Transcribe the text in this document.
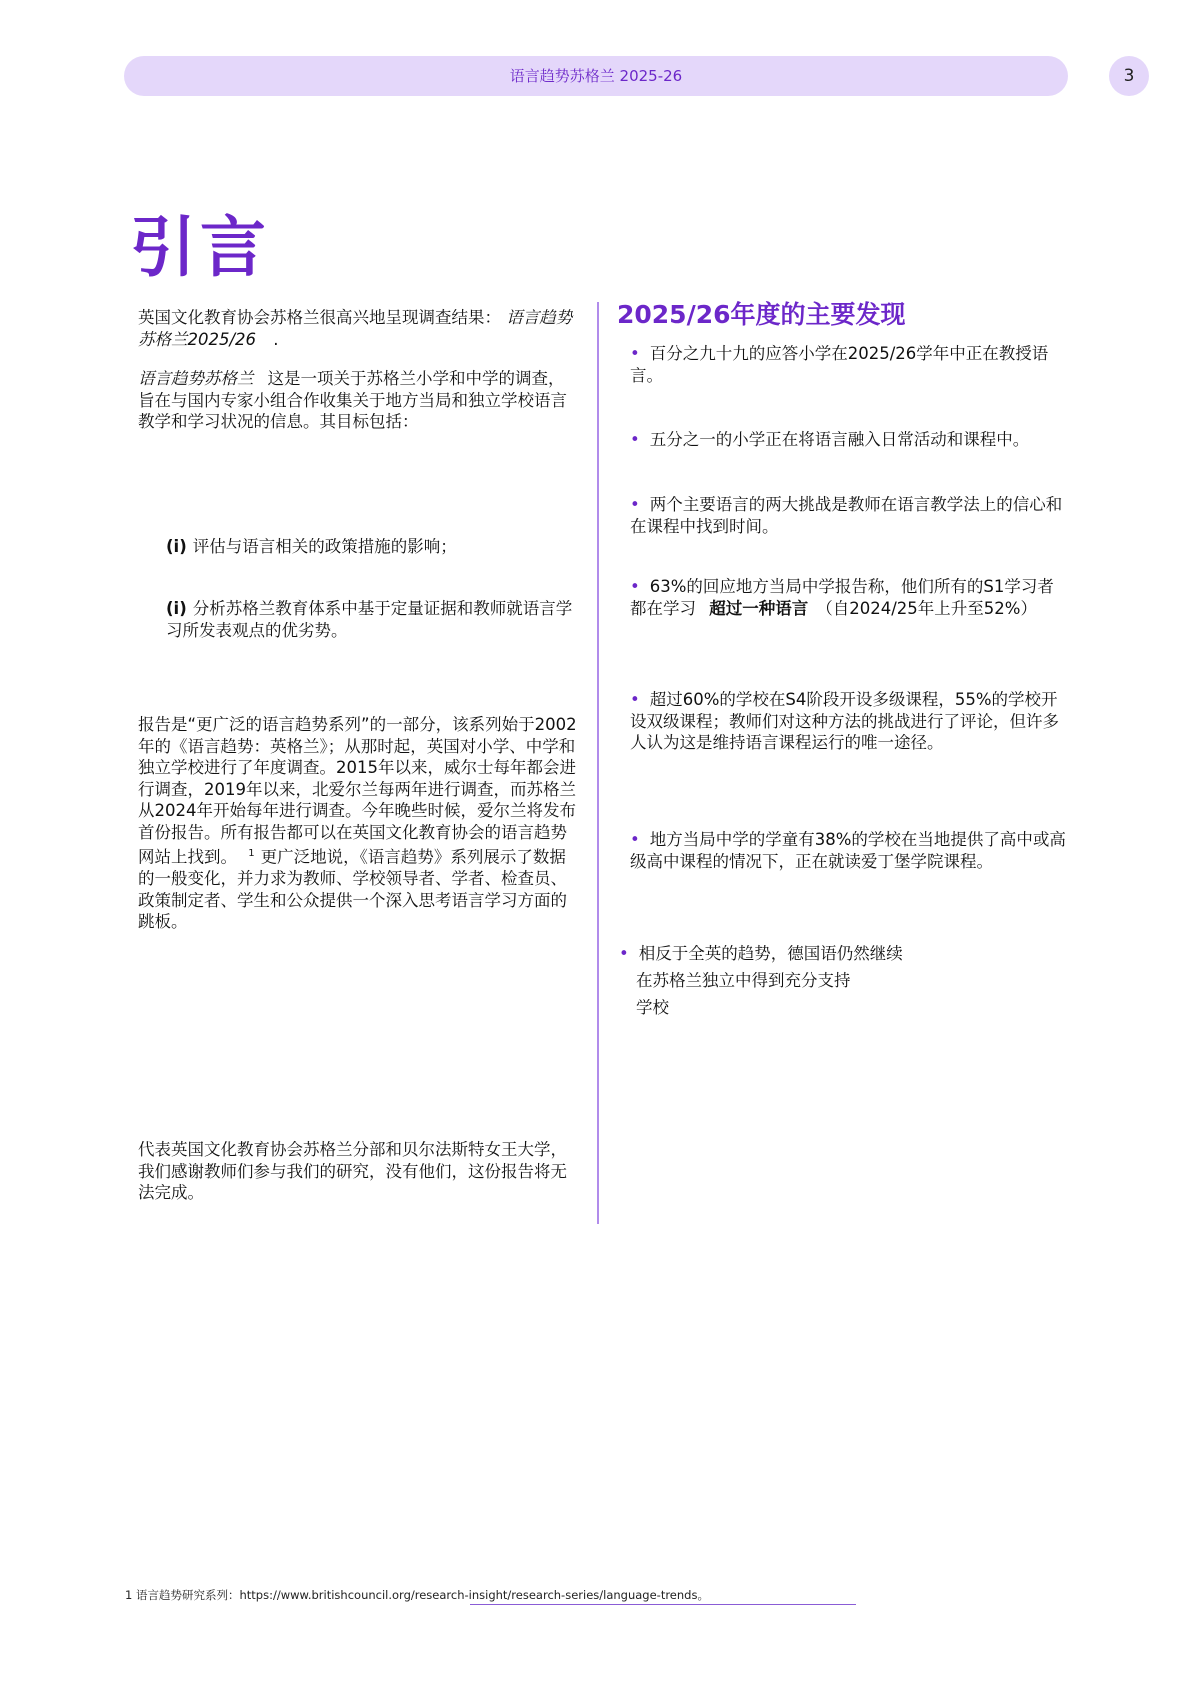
语言趋势苏格兰 2025-26	3
引言

英国文化教育协会苏格兰很高兴地呈现调查结果： 语言趋势苏格兰2025/26 .

语言趋势苏格兰 这是一项关于苏格兰小学和中学的调查，旨在与国内专家小组合作收集关于地方当局和独立学校语言教学和学习状况的信息。其目标包括：

(i) 评估与语言相关的政策措施的影响；

(i) 分析苏格兰教育体系中基于定量证据和教师就语言学习所发表观点的优劣势。

报告是“更广泛的语言趋势系列”的一部分，该系列始于2002年的《语言趋势：英格兰》；从那时起，英国对小学、中学和独立学校进行了年度调查。2015年以来，威尔士每年都会进行调查，2019年以来，北爱尔兰每两年进行调查，而苏格兰从2024年开始每年进行调查。今年晚些时候，爱尔兰将发布首份报告。所有报告都可以在英国文化教育协会的语言趋势网站上找到。 $^1$ 更广泛地说，《语言趋势》系列展示了数据的一般变化，并力求为教师、学校领导者、学者、检查员、政策制定者、学生和公众提供一个深入思考语言学习方面的跳板。

代表英国文化教育协会苏格兰分部和贝尔法斯特女王大学，我们感谢教师们参与我们的研究，没有他们，这份报告将无法完成。

2025/26年度的主要发现

• 百分之九十九的应答小学在2025/26学年中正在教授语言。

• 五分之一的小学正在将语言融入日常活动和课程中。

• 两个主要语言的两大挑战是教师在语言教学法上的信心和在课程中找到时间。

• 63%的回应地方当局中学报告称，他们所有的S1学习者都在学习 超过一种语言 （自2024/25年上升至52%）

• 超过60%的学校在S4阶段开设多级课程，55%的学校开设双级课程；教师们对这种方法的挑战进行了评论，但许多人认为这是维持语言课程运行的唯一途径。

• 地方当局中学的学童有38%的学校在当地提供了高中或高级高中课程的情况下，正在就读爱丁堡学院课程。

• 相反于全英的趋势，德国语仍然继续
在苏格兰独立中得到充分支持
学校

1 语言趋势研究系列：https://www.britishcouncil.org/research-insight/research-series/language-trends。
